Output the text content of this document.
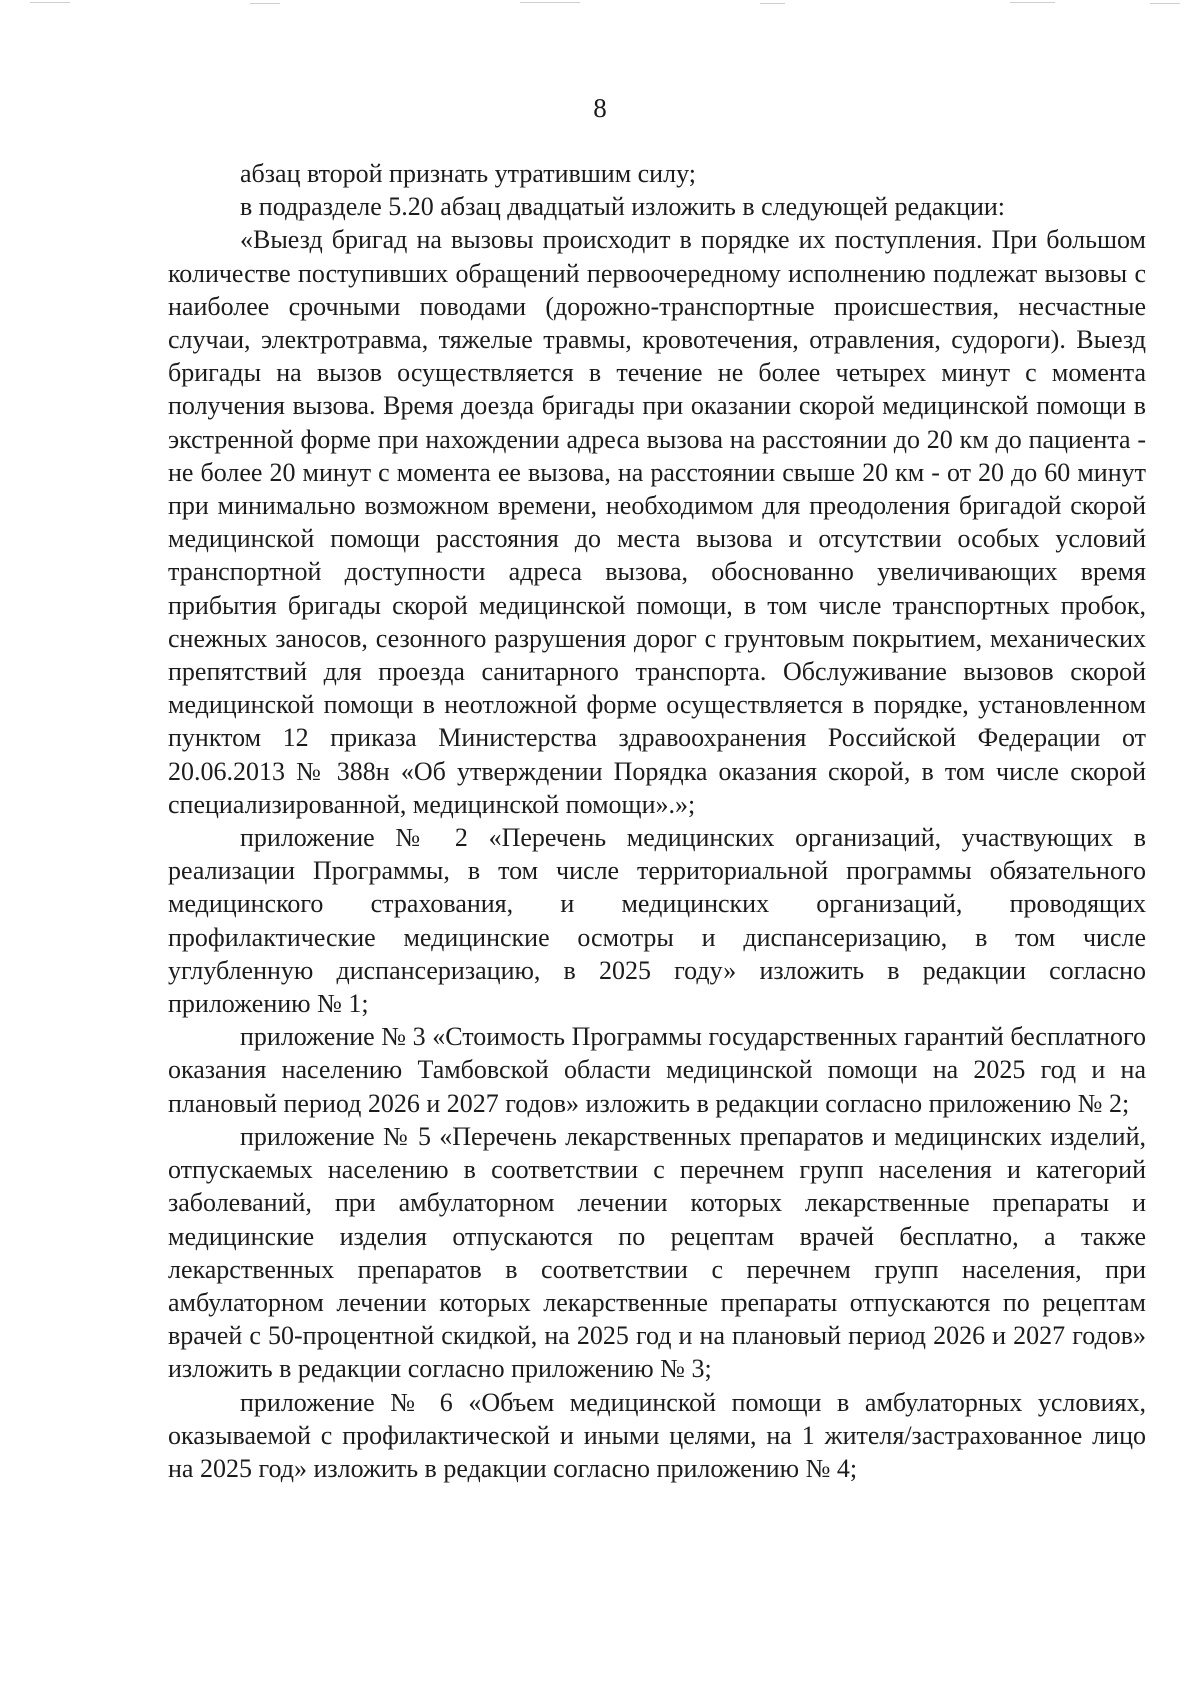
8

абзац второй признать утратившим силу;

в подразделе 5.20 абзац двадцатый изложить в следующей редакции:

«Выезд бригад на вызовы происходит в порядке их поступления. При большом количестве поступивших обращений первоочередному исполнению подлежат вызовы с наиболее срочными поводами (дорожно-транспортные происшествия, несчастные случаи, электротравма, тяжелые травмы, кровотечения, отравления, судороги). Выезд бригады на вызов осуществляется в течение не более четырех минут с момента получения вызова. Время доезда бригады при оказании скорой медицинской помощи в экстренной форме при нахождении адреса вызова на расстоянии до 20 км до пациента - не более 20 минут с момента ее вызова, на расстоянии свыше 20 км - от 20 до 60 минут при минимально возможном времени, необходимом для преодоления бригадой скорой медицинской помощи расстояния до места вызова и отсутствии особых условий транспортной доступности адреса вызова, обоснованно увеличивающих время прибытия бригады скорой медицинской помощи, в том числе транспортных пробок, снежных заносов, сезонного разрушения дорог с грунтовым покрытием, механических препятствий для проезда санитарного транспорта. Обслуживание вызовов скорой медицинской помощи в неотложной форме осуществляется в порядке, установленном пунктом 12 приказа Министерства здравоохранения Российской Федерации от 20.06.2013 № 388н «Об утверждении Порядка оказания скорой, в том числе скорой специализированной, медицинской помощи».»;

приложение № 2 «Перечень медицинских организаций, участвующих в реализации Программы, в том числе территориальной программы обязательного медицинского страхования, и медицинских организаций, проводящих профилактические медицинские осмотры и диспансеризацию, в том числе углубленную диспансеризацию, в 2025 году» изложить в редакции согласно приложению № 1;

приложение № 3 «Стоимость Программы государственных гарантий бесплатного оказания населению Тамбовской области медицинской помощи на 2025 год и на плановый период 2026 и 2027 годов» изложить в редакции согласно приложению № 2;

приложение № 5 «Перечень лекарственных препаратов и медицинских изделий, отпускаемых населению в соответствии с перечнем групп населения и категорий заболеваний, при амбулаторном лечении которых лекарственные препараты и медицинские изделия отпускаются по рецептам врачей бесплатно, а также лекарственных препаратов в соответствии с перечнем групп населения, при амбулаторном лечении которых лекарственные препараты отпускаются по рецептам врачей с 50-процентной скидкой, на 2025 год и на плановый период 2026 и 2027 годов» изложить в редакции согласно приложению № 3;

приложение № 6 «Объем медицинской помощи в амбулаторных условиях, оказываемой с профилактической и иными целями, на 1 жителя/застрахованное лицо на 2025 год» изложить в редакции согласно приложению № 4;
